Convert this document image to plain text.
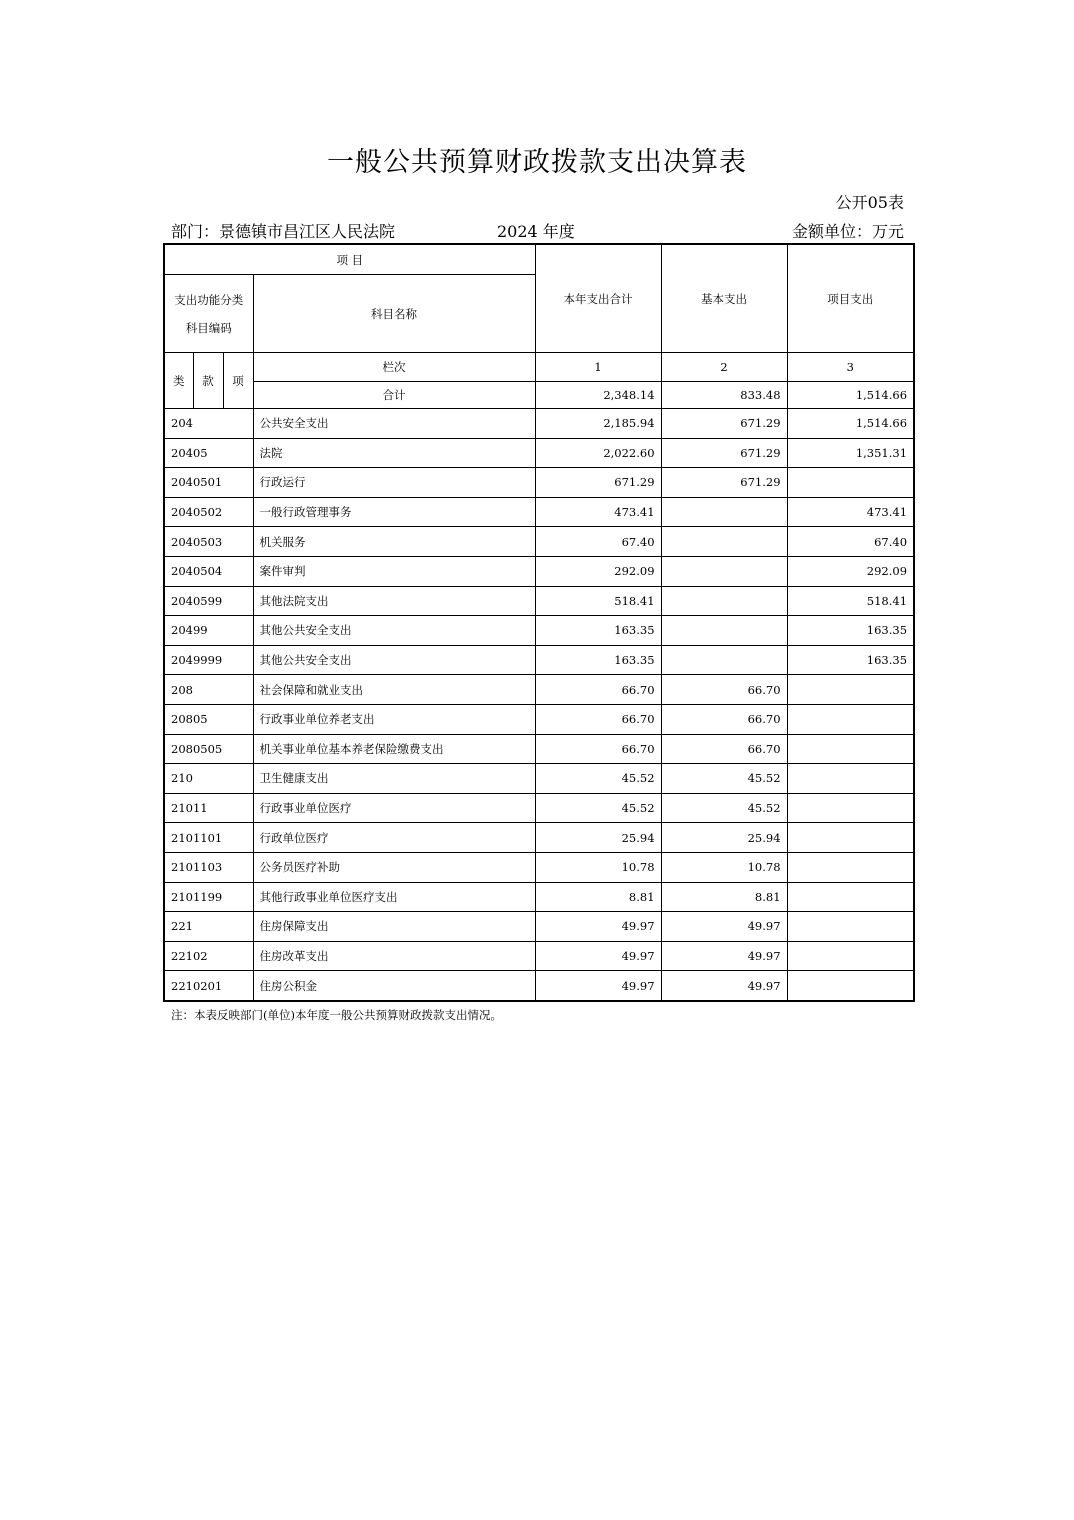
一般公共预算财政拨款支出决算表
公开05表
部门：景德镇市昌江区人民法院	2024 年度	金额单位：万元
项 目				本年支出合计	基本支出	项目支出
支出功能分类科目编码			科目名称			
类	款	项	栏次	1	2	3
			合计	2,348.14	833.48	1,514.66
204			公共安全支出	2,185.94	671.29	1,514.66
20405			法院	2,022.60	671.29	1,351.31
2040501			行政运行	671.29	671.29	
2040502			一般行政管理事务	473.41		473.41
2040503			机关服务	67.40		67.40
2040504			案件审判	292.09		292.09
2040599			其他法院支出	518.41		518.41
20499			其他公共安全支出	163.35		163.35
2049999			其他公共安全支出	163.35		163.35
208			社会保障和就业支出	66.70	66.70	
20805			行政事业单位养老支出	66.70	66.70	
2080505			机关事业单位基本养老保险缴费支出	66.70	66.70	
210			卫生健康支出	45.52	45.52	
21011			行政事业单位医疗	45.52	45.52	
2101101			行政单位医疗	25.94	25.94	
2101103			公务员医疗补助	10.78	10.78	
2101199			其他行政事业单位医疗支出	8.81	8.81	
221			住房保障支出	49.97	49.97	
22102			住房改革支出	49.97	49.97	
2210201			住房公积金	49.97	49.97	
注：本表反映部门(单位)本年度一般公共预算财政拨款支出情况。
